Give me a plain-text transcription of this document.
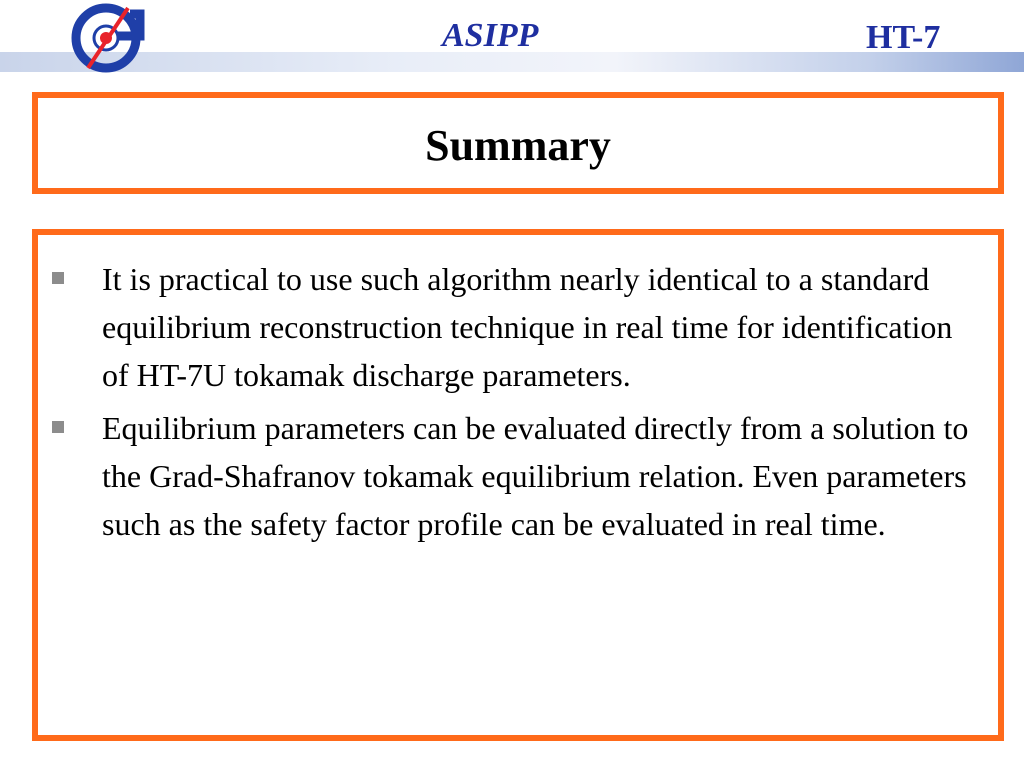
ASIPP	HT-7
Summary
It is practical to use such algorithm nearly identical to a standard equilibrium reconstruction technique in real time for identification of HT-7U tokamak discharge parameters.
Equilibrium parameters can be evaluated directly from a solution to the Grad-Shafranov tokamak equilibrium relation. Even parameters such as the safety factor profile can be evaluated in real time.
